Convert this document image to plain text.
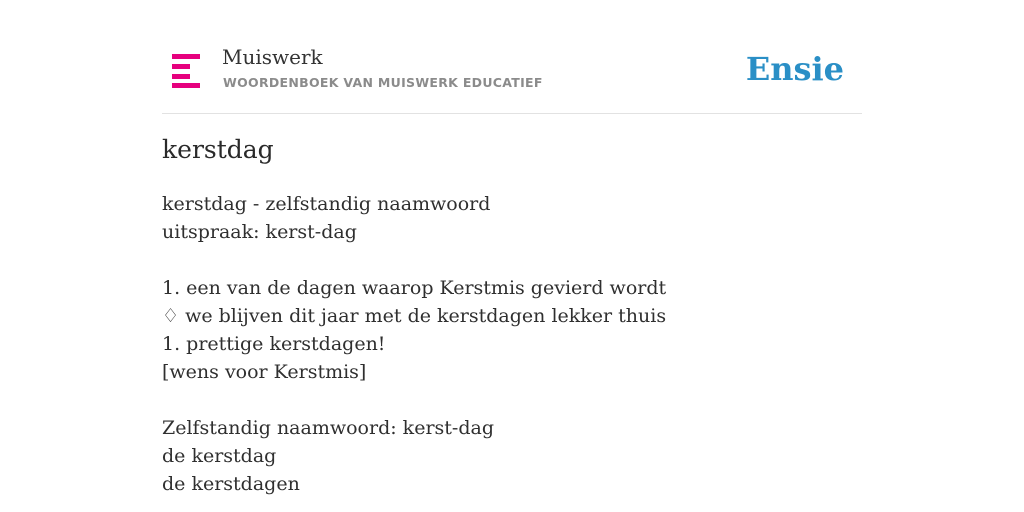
Muiswerk
WOORDENBOEK VAN MUISWERK EDUCATIEF	Ensie
kerstdag
kerstdag - zelfstandig naamwoord
uitspraak: kerst-dag
1. een van de dagen waarop Kerstmis gevierd wordt
♢ we blijven dit jaar met de kerstdagen lekker thuis
1. prettige kerstdagen!
[wens voor Kerstmis]
Zelfstandig naamwoord: kerst-dag
de kerstdag
de kerstdagen
